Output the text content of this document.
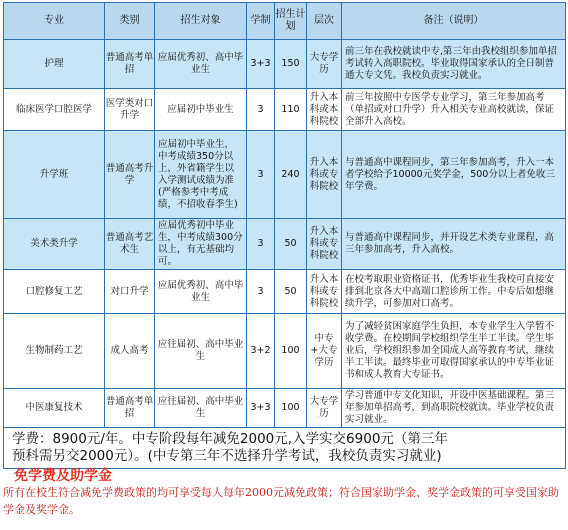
专业	类别	招生对象	学制	招生计划	层次	备注（说明）
护理	普通高考单招	应届优秀初、高中毕业生	3+3	150	大专学历	前三年在我校就读中专,第三年由我校组织参加单招考试转入高职院校。毕业取得国家承认的全日制普通大专文凭。我校负责实习就业。
临床医学口腔医学	医学类对口升学	应届初中毕业生	3	110	升入本科或本科院校	前三年按照中专医学专业学习，第三年参加高考（单招或对口升学）升入相关专业高校就读，保证全部升入高校。
升学班	普通高考升学	应届初中毕业生，中考成绩350分以上，外省籍学生以入学测试成绩为准(严格参考中考成绩，不招收春季生)	3	240	升入本科或专科院校	与普通高中课程同步，第三年参加高考，升入一本者学校给予10000元奖学金，500分以上者免收三年学费。
美术类升学	普通高考艺术生	应届优秀初中毕业生，中考成绩300分以上，有无基础均可。	3	50	升入本科或专科院校	与普通高中课程同步，并开设艺术类专业课程，高三年参加高考，升入高校。
口腔修复工艺	对口升学	应届优秀初、高中毕业生	3	50	升入本科或专科院校	在校考取职业资格证书，优秀毕业生我校可直接安排到北京各大中高端口腔诊所工作。中专后如想继续升学，可参加对口高考。
生物制药工艺	成人高考	应往届初、高中毕业生	3+2	100	中专+大专学历	为了减轻贫困家庭学生负担，本专业学生入学暂不收学费。在校期间学校组织学生半工半读。学生毕业后，学校组织参加全国成人高等教育考试，继续半工半读。最终毕业可取得国家承认的中专毕业证书和成人教育大专证书。
中医康复技术	普通高考单招	应往届初、高中毕业生	3+3	100	大专学历	学习普通中专文化知识，开设中医基础课程。第三年参加单招高考，到高职院校就读。毕业学校负责实习就业。

学费：8900元/年。中专阶段每年减免2000元,入学实交6900元（第三年
预科需另交2000元）。(中专第三年不选择升学考试，我校负责实习就业)						
免学费及助学金
所有在校生符合减免学费政策的均可享受每人每年2000元减免政策；符合国家助学金、奖学金政策的可享受国家助学金及奖学金。
